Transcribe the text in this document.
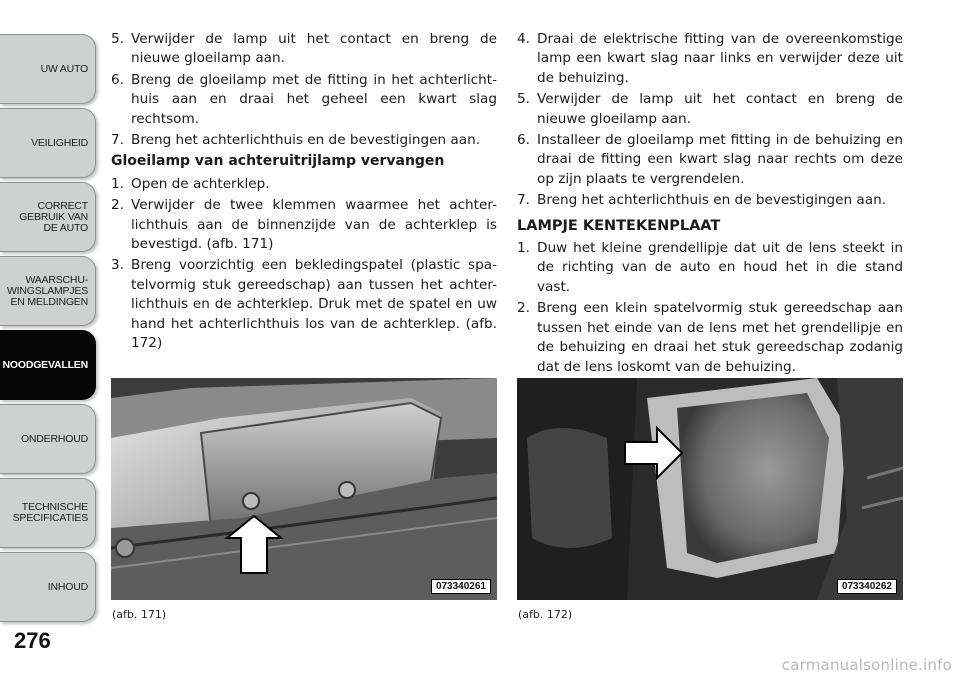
UW AUTO
VEILIGHEID
CORRECT
GEBRUIK VAN
DE AUTO
WAARSCHU-
WINGSLAMPJES
EN MELDINGEN
NOODGEVALLEN
ONDERHOUD
TECHNISCHE
SPECIFICATIES
INHOUD
276
5. Verwijder de lamp uit het contact en breng de nieuwe gloeilamp aan.
6. Breng de gloeilamp met de fitting in het achterlicht-huis aan en draai het geheel een kwart slag rechtsom.
7. Breng het achterlichthuis en de bevestigingen aan.
Gloeilamp van achteruitrijlamp vervangen
1. Open de achterklep.
2. Verwijder de twee klemmen waarmee het achter-lichthuis aan de binnenzijde van de achterklep is bevestigd. (afb. 171)
3. Breng voorzichtig een bekledingspatel (plastic spa-telvormig stuk gereedschap) aan tussen het achter-lichthuis en de achterklep. Druk met de spatel en uw hand het achterlichthuis los van de achterklep. (afb. 172)
4. Draai de elektrische fitting van de overeenkomstige lamp een kwart slag naar links en verwijder deze uit de behuizing.
5. Verwijder de lamp uit het contact en breng de nieuwe gloeilamp aan.
6. Installeer de gloeilamp met fitting in de behuizing en draai de fitting een kwart slag naar rechts om deze op zijn plaats te vergrendelen.
7. Breng het achterlichthuis en de bevestigingen aan.
LAMPJE KENTEKENPLAAT
1. Duw het kleine grendellipje dat uit de lens steekt in de richting van de auto en houd het in die stand vast.
2. Breng een klein spatelvormig stuk gereedschap aan tussen het einde van de lens met het grendellipje en de behuizing en draai het stuk gereedschap zodanig dat de lens loskomt van de behuizing.
073340261
(afb. 171)
073340262
(afb. 172)
carmanualsonline.info
